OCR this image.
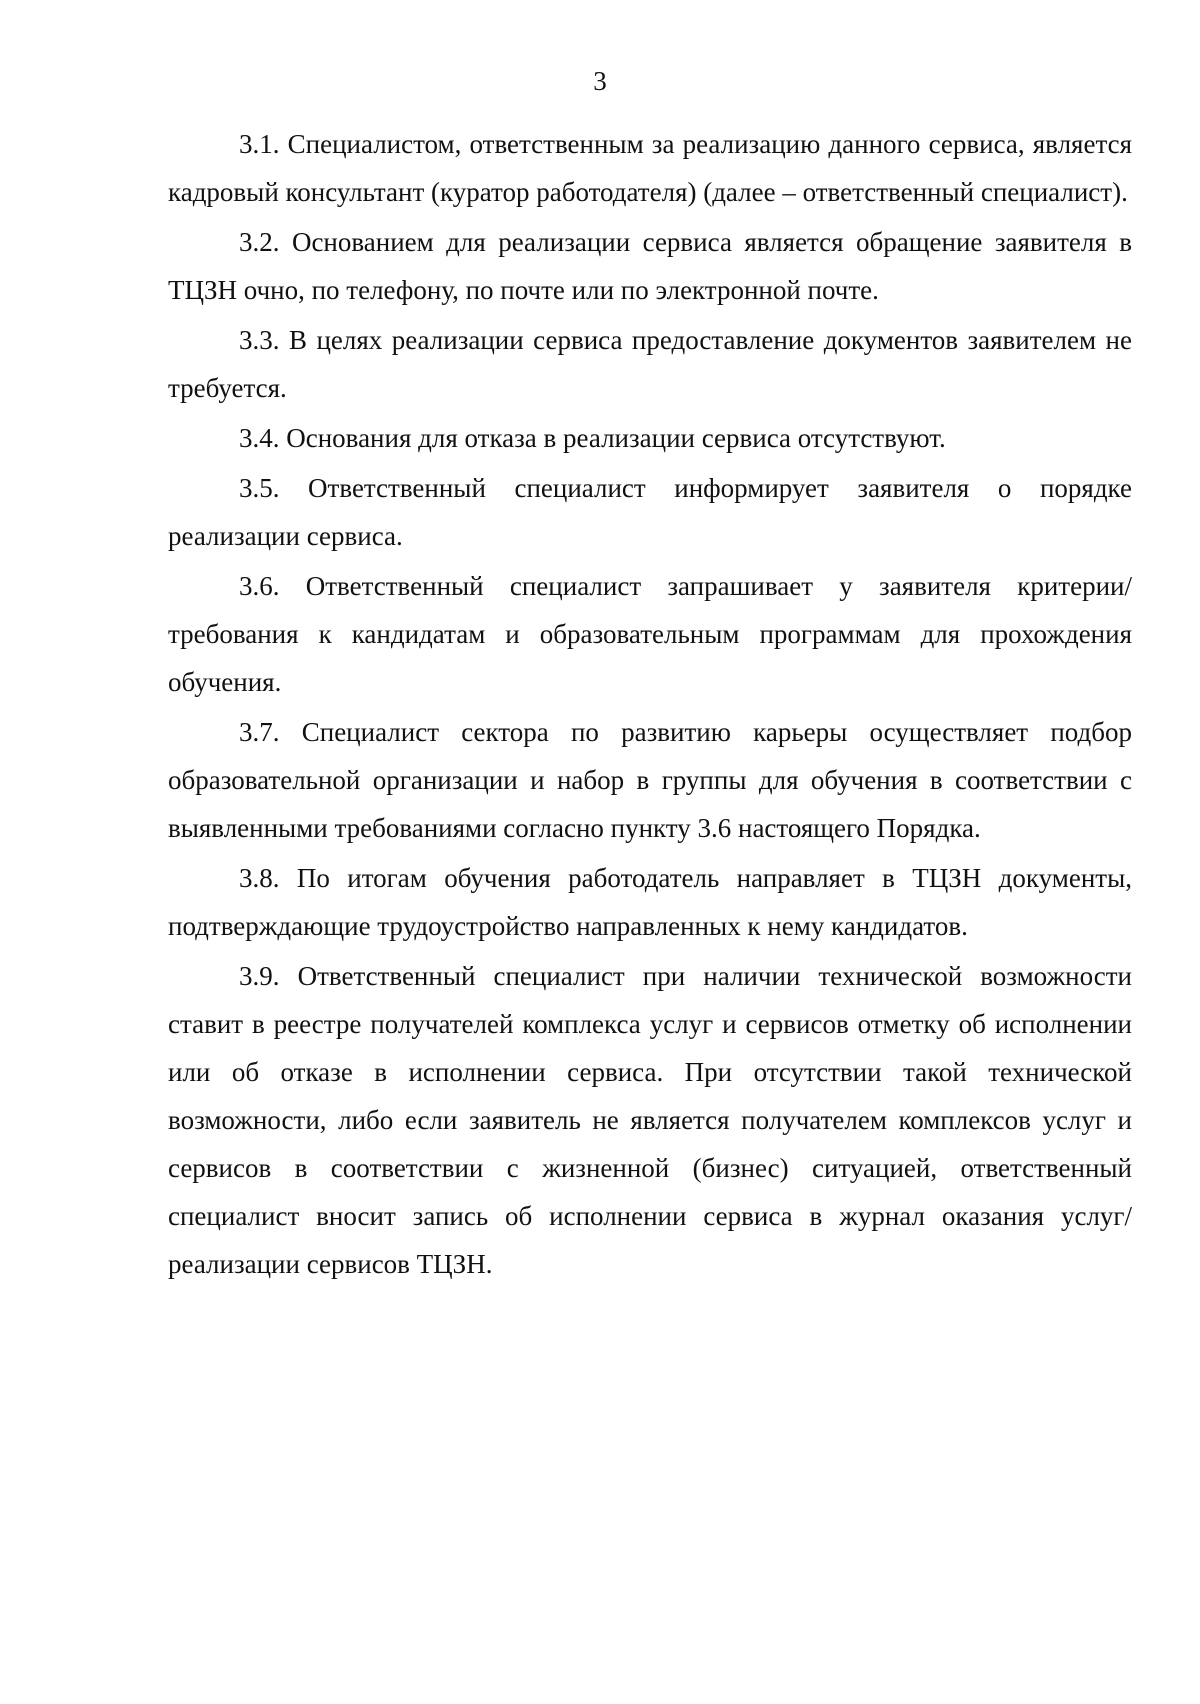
3

3.1. Специалистом, ответственным за реализацию данного сервиса, является кадровый консультант (куратор работодателя) (далее – ответственный специалист).

3.2. Основанием для реализации сервиса является обращение заявителя в ТЦЗН очно, по телефону, по почте или по электронной почте.

3.3. В целях реализации сервиса предоставление документов заявителем не требуется.

3.4. Основания для отказа в реализации сервиса отсутствуют.

3.5. Ответственный специалист информирует заявителя о порядке реализации сервиса.

3.6. Ответственный специалист запрашивает у заявителя критерии/требования к кандидатам и образовательным программам для прохождения обучения.

3.7. Специалист сектора по развитию карьеры осуществляет подбор образовательной организации и набор в группы для обучения в соответствии с выявленными требованиями согласно пункту 3.6 настоящего Порядка.

3.8. По итогам обучения работодатель направляет в ТЦЗН документы, подтверждающие трудоустройство направленных к нему кандидатов.

3.9. Ответственный специалист при наличии технической возможности ставит в реестре получателей комплекса услуг и сервисов отметку об исполнении или об отказе в исполнении сервиса. При отсутствии такой технической возможности, либо если заявитель не является получателем комплексов услуг и сервисов в соответствии с жизненной (бизнес) ситуацией, ответственный специалист вносит запись об исполнении сервиса в журнал оказания услуг/реализации сервисов ТЦЗН.
